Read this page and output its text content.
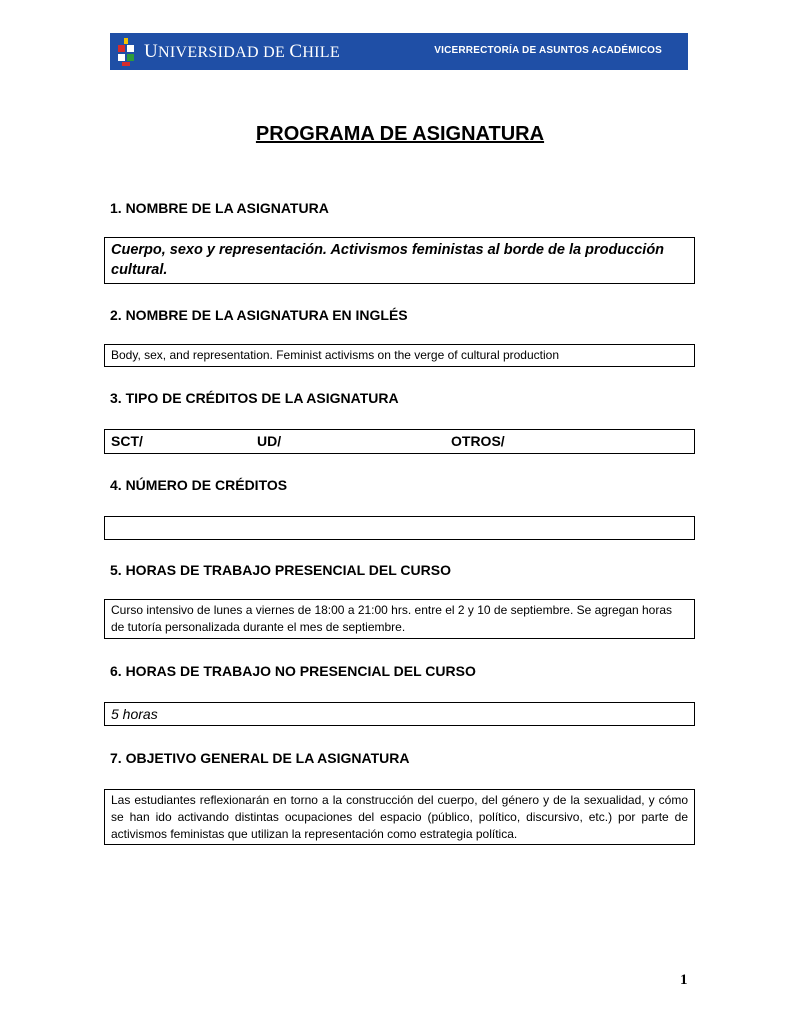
UNIVERSIDAD DE CHILE	VICERRECTORÍA DE ASUNTOS ACADÉMICOS
PROGRAMA DE ASIGNATURA
1. NOMBRE DE LA ASIGNATURA
Cuerpo, sexo y representación. Activismos feministas al borde de la producción cultural.
2. NOMBRE DE LA ASIGNATURA EN INGLÉS
Body, sex, and representation. Feminist activisms on the verge of cultural production
3. TIPO DE CRÉDITOS DE LA ASIGNATURA
SCT/	UD/	OTROS/
4. NÚMERO DE CRÉDITOS
5. HORAS DE TRABAJO PRESENCIAL DEL CURSO
Curso intensivo de lunes a viernes de 18:00 a 21:00 hrs. entre el 2 y 10 de septiembre. Se agregan horas de tutoría personalizada durante el mes de septiembre.
6. HORAS DE TRABAJO NO PRESENCIAL DEL CURSO
5 horas
7. OBJETIVO GENERAL DE LA ASIGNATURA
Las estudiantes reflexionarán en torno a la construcción del cuerpo, del género y de la sexualidad, y cómo se han ido activando distintas ocupaciones del espacio (público, político, discursivo, etc.) por parte de activismos feministas que utilizan la representación como estrategia política.
1
